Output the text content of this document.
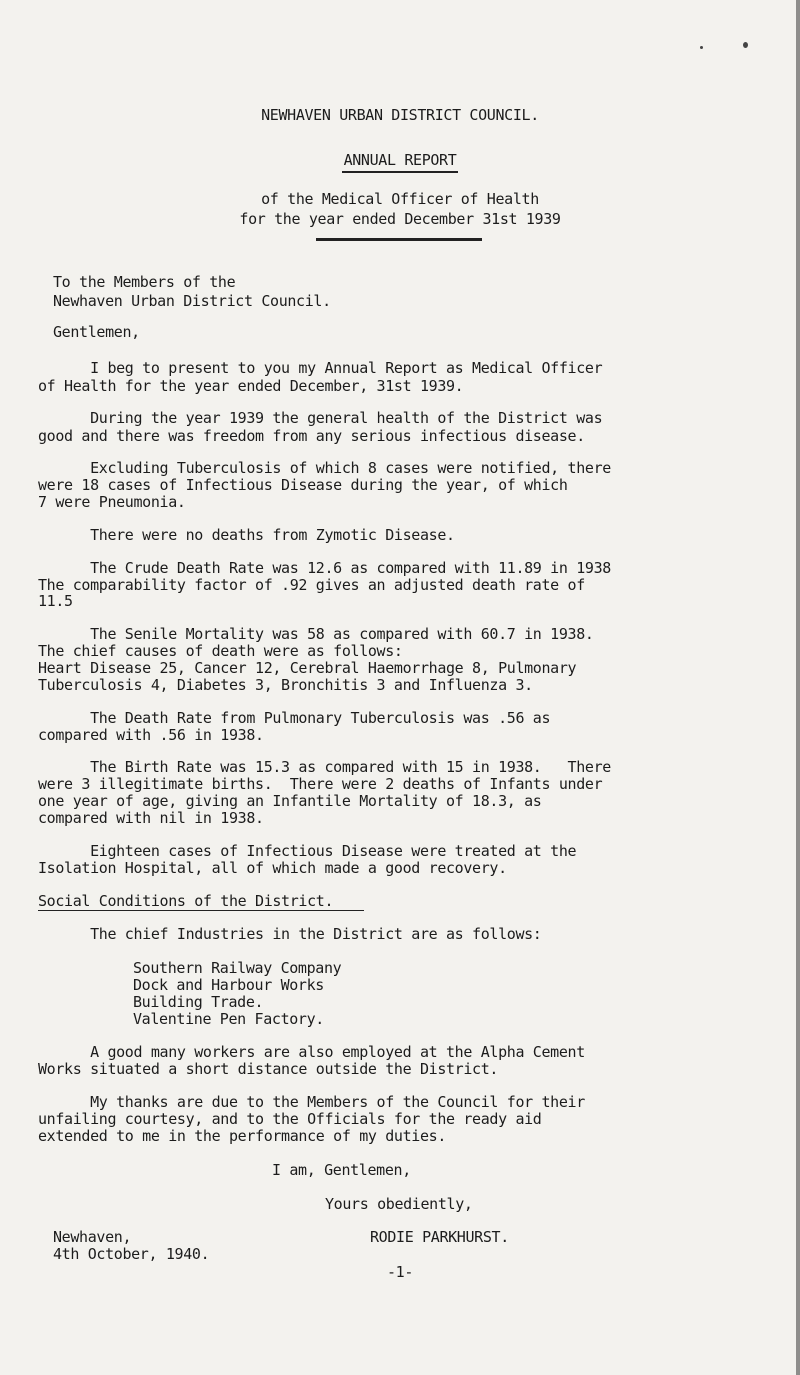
NEWHAVEN URBAN DISTRICT COUNCIL.
ANNUAL REPORT
of the Medical Officer of Health
for the year ended December 31st 1939
To the Members of the
Newhaven Urban District Council.
Gentlemen,
I beg to present to you my Annual Report as Medical Officer
of Health for the year ended December, 31st 1939.
During the year 1939 the general health of the District was
good and there was freedom from any serious infectious disease.
Excluding Tuberculosis of which 8 cases were notified, there
were 18 cases of Infectious Disease during the year, of which
7 were Pneumonia.
There were no deaths from Zymotic Disease.
The Crude Death Rate was 12.6 as compared with 11.89 in 1938
The comparability factor of .92 gives an adjusted death rate of
11.5
The Senile Mortality was 58 as compared with 60.7 in 1938.
The chief causes of death were as follows:
Heart Disease 25, Cancer 12, Cerebral Haemorrhage 8, Pulmonary
Tuberculosis 4, Diabetes 3, Bronchitis 3 and Influenza 3.
The Death Rate from Pulmonary Tuberculosis was .56 as
compared with .56 in 1938.
The Birth Rate was 15.3 as compared with 15 in 1938.   There
were 3 illegitimate births.  There were 2 deaths of Infants under
one year of age, giving an Infantile Mortality of 18.3, as
compared with nil in 1938.
Eighteen cases of Infectious Disease were treated at the
Isolation Hospital, all of which made a good recovery.
Social Conditions of the District.
The chief Industries in the District are as follows:
Southern Railway Company
Dock and Harbour Works
Building Trade.
Valentine Pen Factory.
A good many workers are also employed at the Alpha Cement
Works situated a short distance outside the District.
My thanks are due to the Members of the Council for their
unfailing courtesy, and to the Officials for the ready aid
extended to me in the performance of my duties.
I am, Gentlemen,
Yours obediently,
RODIE PARKHURST.
Newhaven,
4th October, 1940.
-1-
